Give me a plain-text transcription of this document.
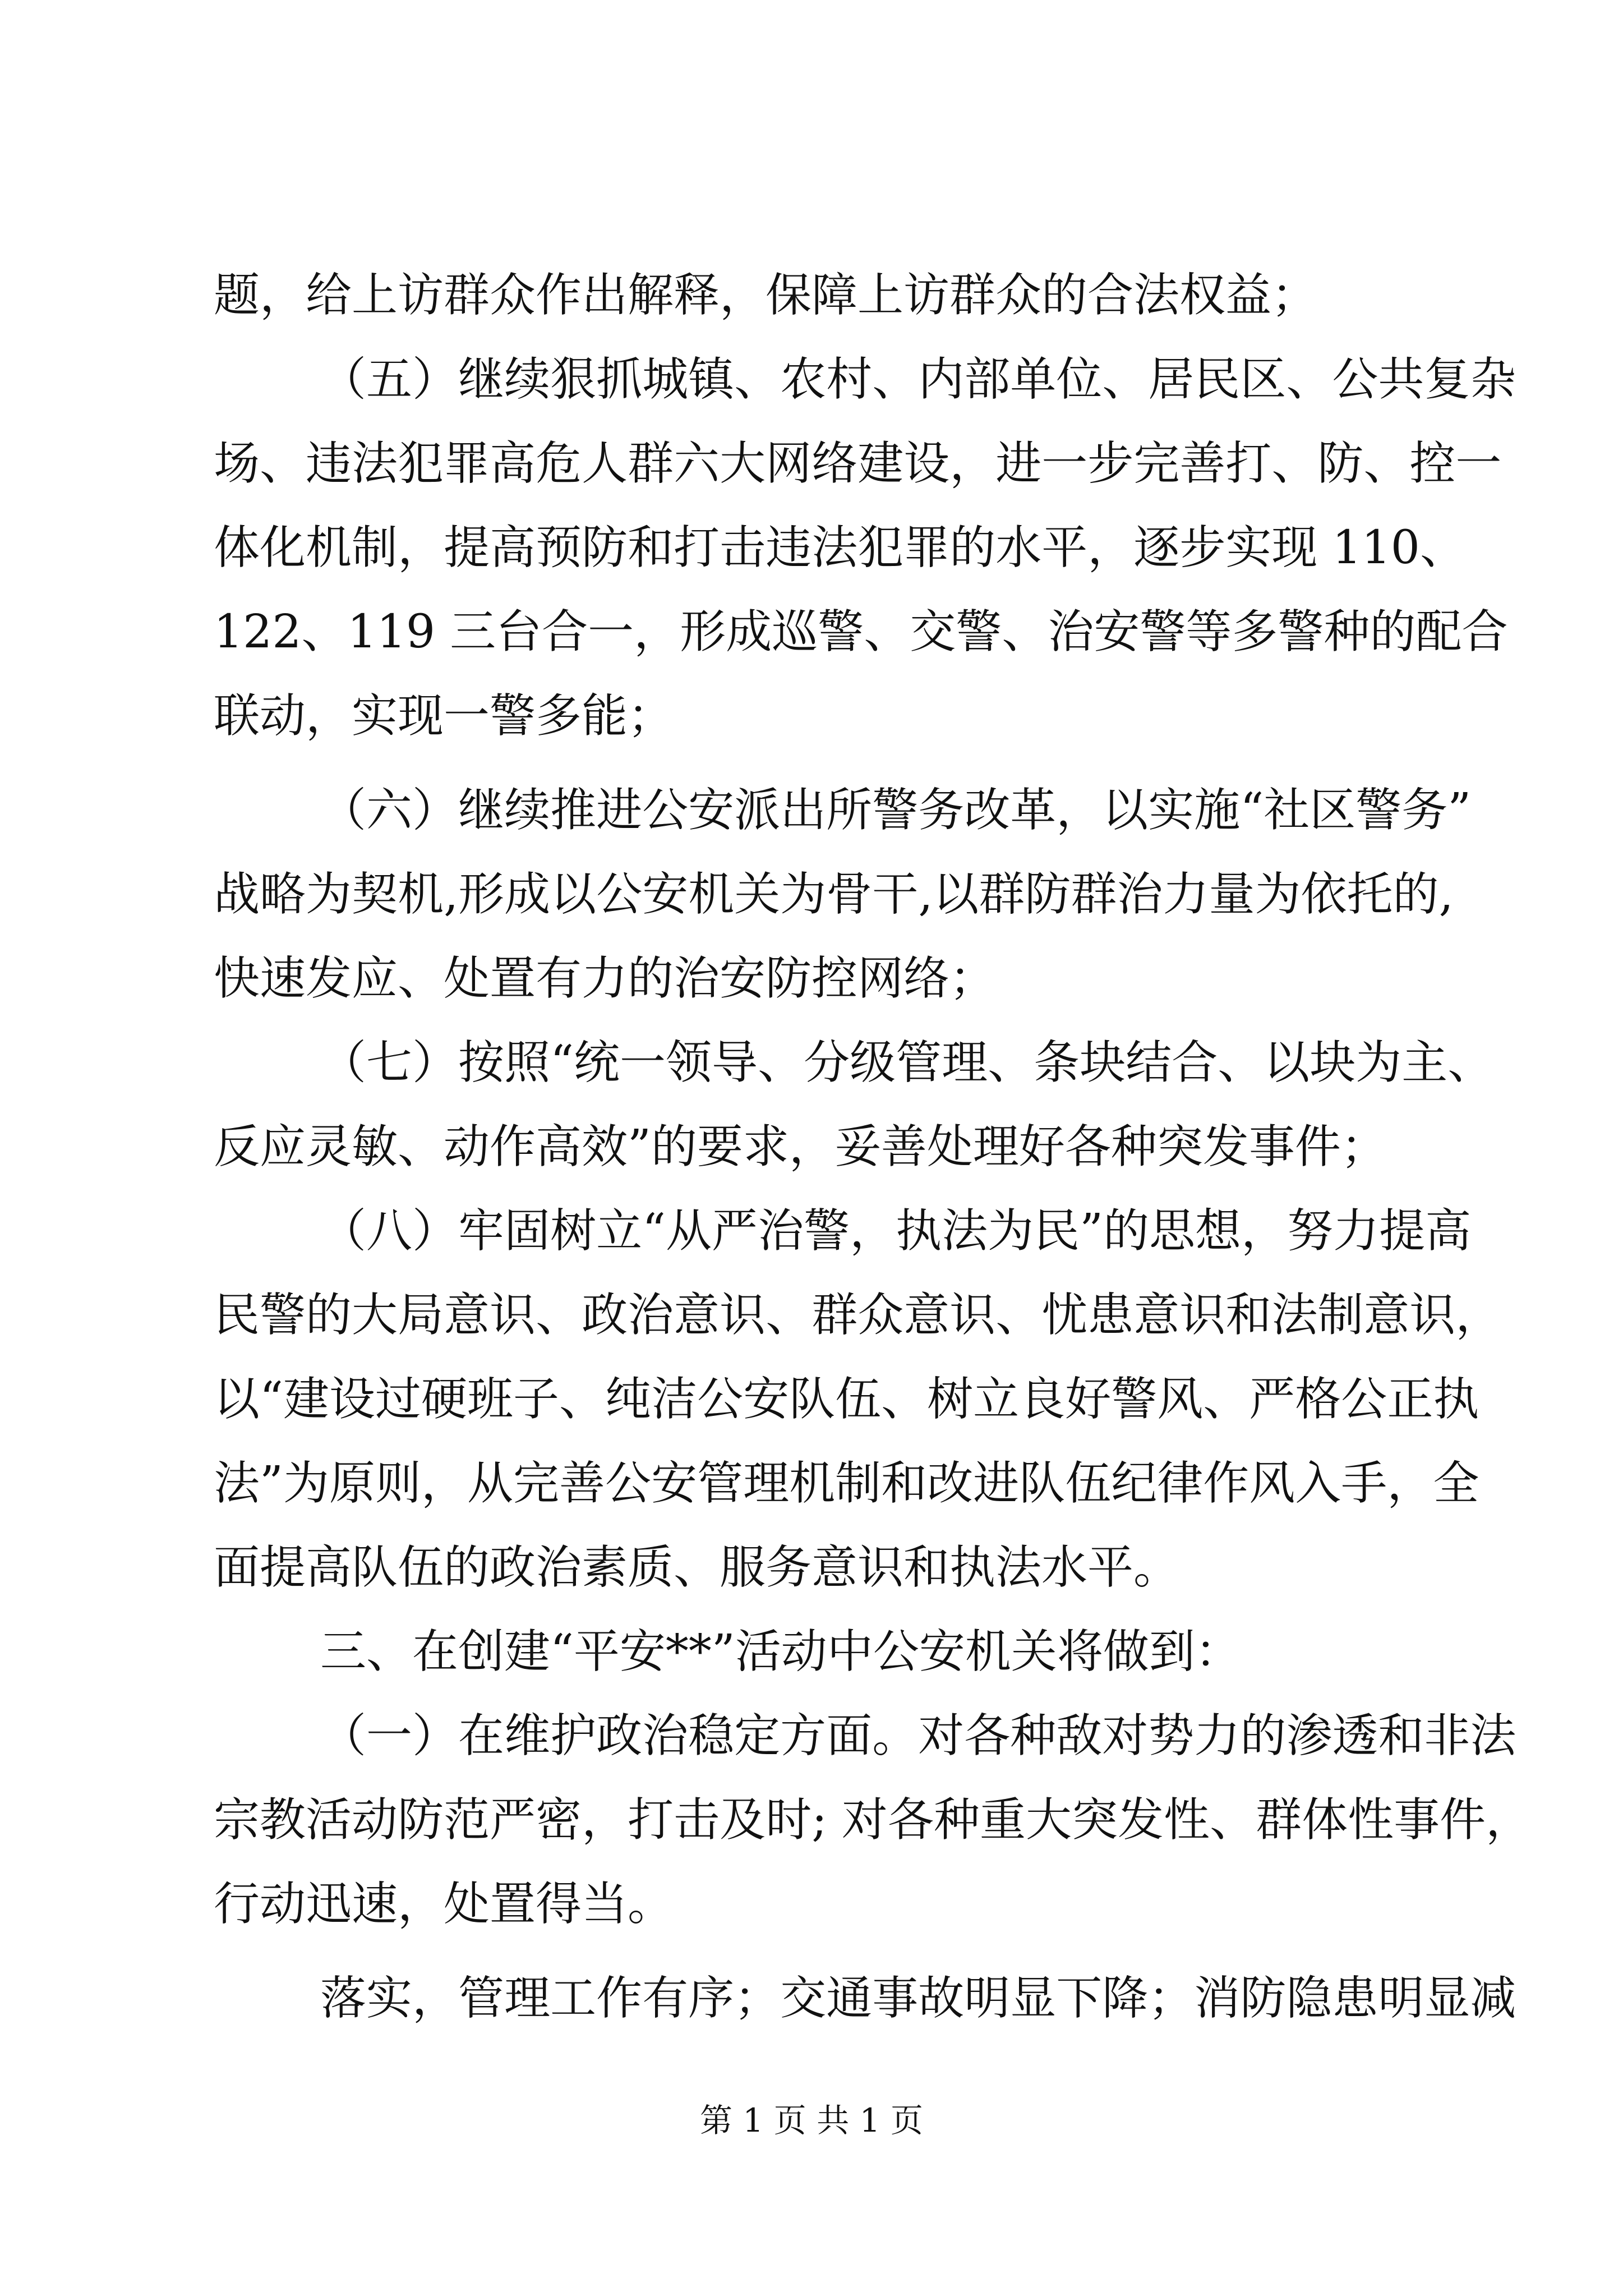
题，给上访群众作出解释，保障上访群众的合法权益；
（ 五 ） 继 续 狠 抓 城 镇 、 农 村 、 内 部 单 位 、 居 民 区 、 公 共 复 杂
场 、 违 法 犯 罪 高 危 人 群 六 大 网 络 建 设 ， 进 一 步 完 善 打 、 防 、 控 一
体 化 机 制 ， 提 高 预 防 和 打 击 违 法 犯 罪 的 水 平 ， 逐 步 实 现
1 1 0 、
1 2 2 、 1 1 9
三 台 合 一 ， 形 成 巡 警 、 交 警 、 治 安 警 等 多 警 种 的 配 合
联动，实现一警多能；
（ 六 ） 继 续 推 进 公 安 派 出 所 警 务 改 革 ， 以 实 施 “ 社 区 警 务 ”
战 略 为 契 机 , 形 成 以 公 安 机 关 为 骨 干 , 以 群 防 群 治 力 量 为 依 托 的 ,
快速发应、处置有力的治安防控网络；
（ 七 ） 按 照 “ 统 一 领 导 、 分 级 管 理 、 条 块 结 合 、 以 块 为 主 、
反应灵敏、动作高效”的要求，妥善处理好各种突发事件；
（ 八 ） 牢 固 树 立 “ 从 严 治 警 ， 执 法 为 民 ” 的 思 想 ， 努 力 提 高
民 警 的 大 局 意 识 、 政 治 意 识 、 群 众 意 识 、 忧 患 意 识 和 法 制 意 识 ，
以 “ 建 设 过 硬 班 子 、 纯 洁 公 安 队 伍 、 树 立 良 好 警 风 、 严 格 公 正 执
法 ” 为 原 则 ， 从 完 善 公 安 管 理 机 制 和 改 进 队 伍 纪 律 作 风 入 手 ， 全
面提高队伍的政治素质、服务意识和执法水平。
三、在创建“平安**”活动中公安机关将做到：
（ 一 ） 在 维 护 政 治 稳 定 方 面 。 对 各 种 敌 对 势 力 的 渗 透 和 非 法
宗 教 活 动 防 范 严 密 ， 打 击 及 时 ;
对 各 种 重 大 突 发 性 、 群 体 性 事 件 ，
行动迅速，处置得当。
落 实 ， 管 理 工 作 有 序 ； 交 通 事 故 明 显 下 降 ； 消 防 隐 患 明 显 减
第 1 页 共 1 页
